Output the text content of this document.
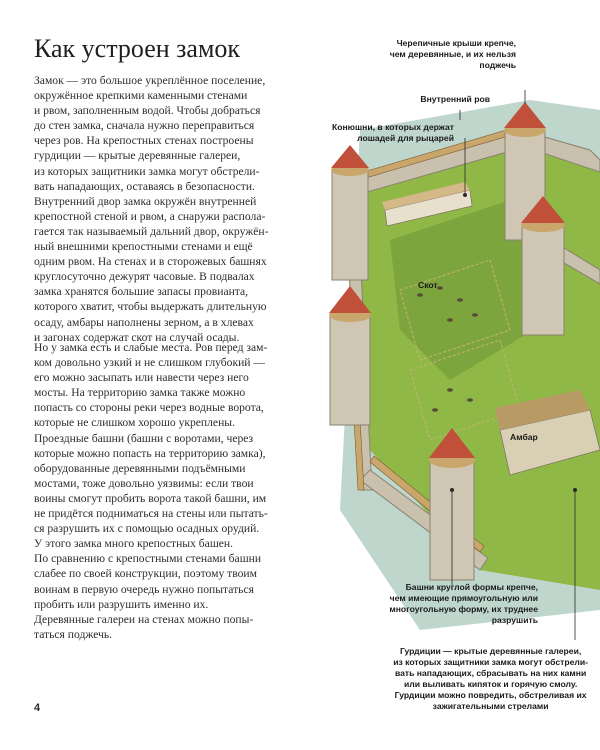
Как устроен замок
Замок — это большое укреплённое поселение,
окружённое крепкими каменными стенами
и рвом, заполненным водой. Чтобы добраться
до стен замка, сначала нужно переправиться
через ров. На крепостных стенах построены
гурдиции — крытые деревянные галереи,
из которых защитники замка могут обстрели-
вать нападающих, оставаясь в безопасности.
Внутренний двор замка окружён внутренней
крепостной стеной и рвом, а снаружи распола-
гается так называемый дальний двор, окружён-
ный внешними крепостными стенами и ещё
одним рвом. На стенах и в сторожевых башнях
круглосуточно дежурят часовые. В подвалах
замка хранятся большие запасы провианта,
которого хватит, чтобы выдержать длительную
осаду, амбары наполнены зерном, а в хлевах
и загонах содержат скот на случай осады.
Но у замка есть и слабые места. Ров перед зам-
ком довольно узкий и не слишком глубокий —
его можно засыпать или навести через него
мосты. На территорию замка также можно
попасть со стороны реки через водные ворота,
которые не слишком хорошо укреплены.
Проездные башни (башни с воротами, через
которые можно попасть на территорию замка),
оборудованные деревянными подъёмными
мостами, тоже довольно уязвимы: если твои
воины смогут пробить ворота такой башни, им
не придётся подниматься на стены или пытать-
ся разрушить их с помощью осадных орудий.
У этого замка много крепостных башен.
По сравнению с крепостными стенами башни
слабее по своей конструкции, поэтому твоим
воинам в первую очередь нужно попытаться
пробить или разрушить именно их.
Деревянные галереи на стенах можно попы-
таться поджечь.
4
Черепичные крыши крепче,
чем деревянные, и их нельзя
поджечь
Внутренний ров
Конюшни, в которых держат
лошадей для рыцарей
Скот
Амбар
Башни круглой формы крепче,
чем имеющие прямоугольную или
многоугольную форму, их труднее
разрушить
Гурдиции — крытые деревянные галереи,
из которых защитники замка могут обстрели-
вать нападающих, сбрасывать на них камни
или выливать кипяток и горячую смолу.
Гурдиции можно повредить, обстреливая их
зажигательными стрелами
